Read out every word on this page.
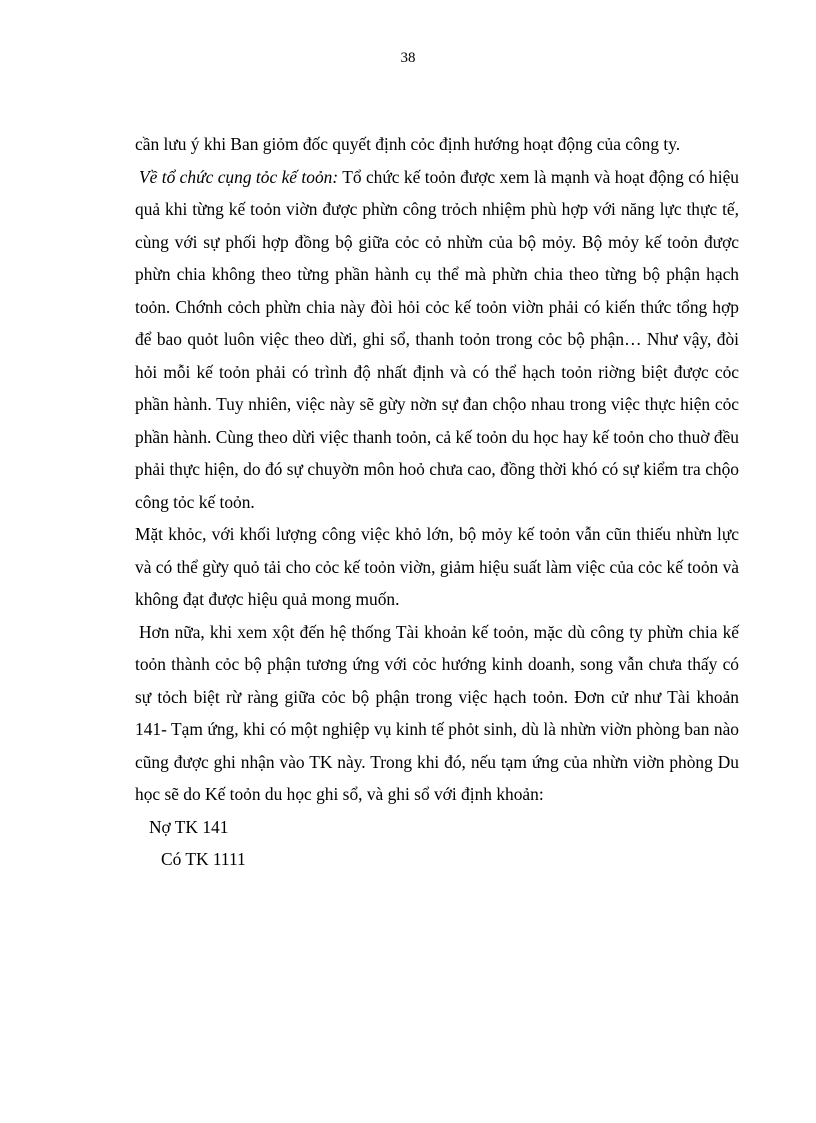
38

cần lưu ý khi Ban giỏm đốc quyết định cỏc định hướng hoạt động của công ty.

Về tổ chức cụng tỏc kế toỏn: Tổ chức kế toỏn được xem là mạnh và hoạt động có hiệu quả khi từng kế toỏn viờn được phừn công trỏch nhiệm phù hợp với năng lực thực tế, cùng với sự phối hợp đồng bộ giữa cỏc cỏ nhừn của bộ mỏy. Bộ mỏy kế toỏn được phừn chia không theo từng phần hành cụ thể mà phừn chia theo từng bộ phận hạch toỏn. Chớnh cỏch phừn chia này đòi hỏi cỏc kế toỏn viờn phải có kiến thức tổng hợp để bao quỏt luôn việc theo dừi, ghi sổ, thanh toỏn trong cỏc bộ phận… Như vậy, đòi hỏi mỗi kế toỏn phải có trình độ nhất định và có thể hạch toỏn riờng biệt được cỏc phần hành. Tuy nhiên, việc này sẽ gừy nờn sự đan chộo nhau trong việc thực hiện cỏc phần hành. Cùng theo dừi việc thanh toỏn, cả kế toỏn du học hay kế toỏn cho thuờ đều phải thực hiện, do đó sự chuyờn môn hoỏ chưa cao, đồng thời khó có sự kiểm tra chộo công tỏc kế toỏn.

Mặt khỏc, với khối lượng công việc khỏ lớn, bộ mỏy kế toỏn vẫn cũn thiếu nhừn lực và có thể gừy quỏ tải cho cỏc kế toỏn viờn, giảm hiệu suất làm việc của cỏc kế toỏn và không đạt được hiệu quả mong muốn.

Hơn nữa, khi xem xột đến hệ thống Tài khoản kế toỏn, mặc dù công ty phừn chia kế toỏn thành cỏc bộ phận tương ứng với cỏc hướng kinh doanh, song vẫn chưa thấy có sự tỏch biệt rừ ràng giữa cỏc bộ phận trong việc hạch toỏn. Đơn cử như Tài khoản 141- Tạm ứng, khi có một nghiệp vụ kinh tế phỏt sinh, dù là nhừn viờn phòng ban nào cũng được ghi nhận vào TK này. Trong khi đó, nếu tạm ứng của nhừn viờn phòng Du học sẽ do Kế toỏn du học ghi sổ, và ghi sổ với định khoản:

Nợ TK 141

Có TK 1111
